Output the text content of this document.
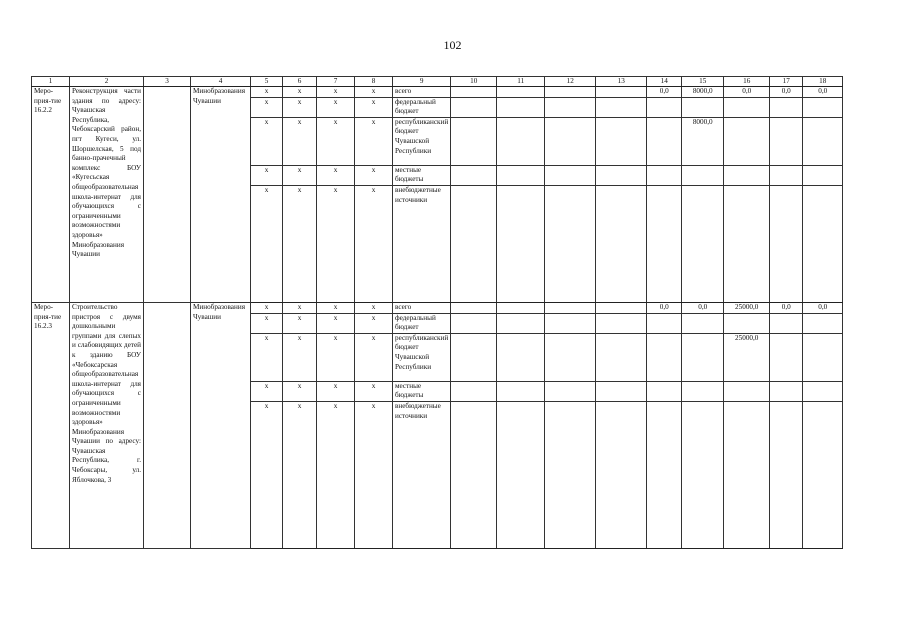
102
1	2	3	4	5	6	7	8	9	10	11	12	13	14	15	16	17	18
Меро-прия-тие 16.2.2	Реконструкция части здания по адресу: Чувашская Республика, Чебоксарский район, пгт Кугеси, ул. Шоршелская, 5 под банно-прачечный комплекс БОУ «Кугесьская общеобразовательная школа-интернат для обучающихся с ограниченными возможностями здоровья» Минобразования Чувашии		Минобразования Чувашии	x	x	x	x	всего					0,0	8000,0	0,0	0,0	0,0
				x	x	x	x	федеральный бюджет									
				x	x	x	x	республиканский бюджет Чувашской Республики						8000,0			
				x	x	x	x	местные бюджеты									
				x	x	x	x	внебюджетные источники									
Меро-прия-тие 16.2.3	Строительство пристроя с двумя дошкольными группами для слепых и слабовидящих детей к зданию БОУ «Чебоксарская общеобразовательная школа-интернат для обучающихся с ограниченными возможностями здоровья» Минобразования Чувашии по адресу: Чувашская Республика, г. Чебоксары, ул. Яблочкова, 3		Минобразования Чувашии	x	x	x	x	всего					0,0	0,0	25000,0	0,0	0,0
				x	x	x	x	федеральный бюджет									
				x	x	x	x	республиканский бюджет Чувашской Республики							25000,0		
				x	x	x	x	местные бюджеты									
				x	x	x	x	внебюджетные источники									
